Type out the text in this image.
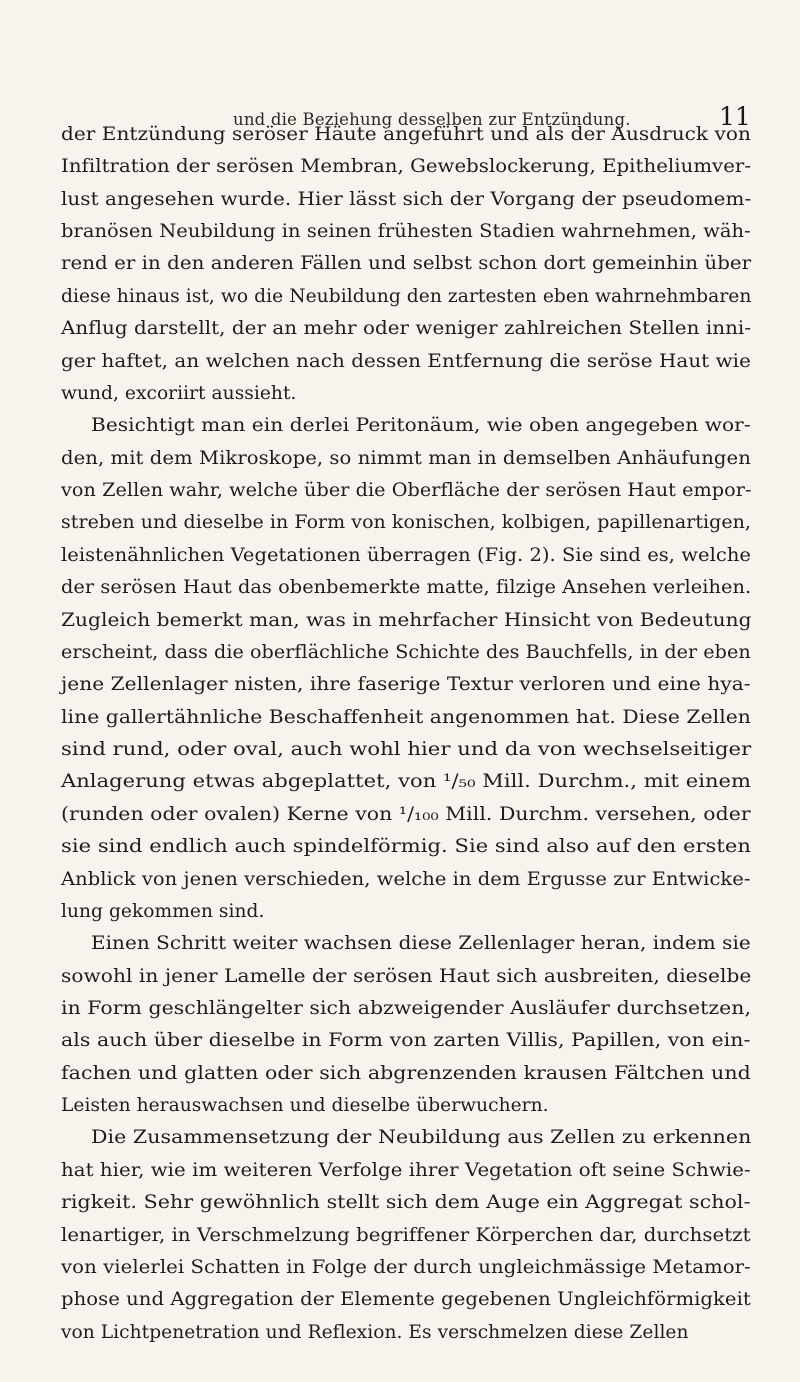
und die Beziehung desselben zur Entzündung.	11
der Entzündung seröser Häute angeführt und als der Ausdruck von
Infiltration der serösen Membran, Gewebslockerung, Epitheliumver-
lust angesehen wurde. Hier lässt sich der Vorgang der pseudomem-
branösen Neubildung in seinen frühesten Stadien wahrnehmen, wäh-
rend er in den anderen Fällen und selbst schon dort gemeinhin über
diese hinaus ist, wo die Neubildung den zartesten eben wahrnehmbaren
Anflug darstellt, der an mehr oder weniger zahlreichen Stellen inni-
ger haftet, an welchen nach dessen Entfernung die seröse Haut wie
wund, excoriirt aussieht.
Besichtigt man ein derlei Peritonäum, wie oben angegeben wor-
den, mit dem Mikroskope, so nimmt man in demselben Anhäufungen
von Zellen wahr, welche über die Oberfläche der serösen Haut empor-
streben und dieselbe in Form von konischen, kolbigen, papillenartigen,
leistenähnlichen Vegetationen überragen (Fig. 2). Sie sind es, welche
der serösen Haut das obenbemerkte matte, filzige Ansehen verleihen.
Zugleich bemerkt man, was in mehrfacher Hinsicht von Bedeutung
erscheint, dass die oberflächliche Schichte des Bauchfells, in der eben
jene Zellenlager nisten, ihre faserige Textur verloren und eine hya-
line gallertähnliche Beschaffenheit angenommen hat. Diese Zellen
sind rund, oder oval, auch wohl hier und da von wechselseitiger
Anlagerung etwas abgeplattet, von ¹/₅₀ Mill. Durchm., mit einem
(runden oder ovalen) Kerne von ¹/₁₀₀ Mill. Durchm. versehen, oder
sie sind endlich auch spindelförmig. Sie sind also auf den ersten
Anblick von jenen verschieden, welche in dem Ergusse zur Entwicke-
lung gekommen sind.
Einen Schritt weiter wachsen diese Zellenlager heran, indem sie
sowohl in jener Lamelle der serösen Haut sich ausbreiten, dieselbe
in Form geschlängelter sich abzweigender Ausläufer durchsetzen,
als auch über dieselbe in Form von zarten Villis, Papillen, von ein-
fachen und glatten oder sich abgrenzenden krausen Fältchen und
Leisten herauswachsen und dieselbe überwuchern.
Die Zusammensetzung der Neubildung aus Zellen zu erkennen
hat hier, wie im weiteren Verfolge ihrer Vegetation oft seine Schwie-
rigkeit. Sehr gewöhnlich stellt sich dem Auge ein Aggregat schol-
lenartiger, in Verschmelzung begriffener Körperchen dar, durchsetzt
von vielerlei Schatten in Folge der durch ungleichmässige Metamor-
phose und Aggregation der Elemente gegebenen Ungleichförmigkeit
von Lichtpenetration und Reflexion. Es verschmelzen diese Zellen
